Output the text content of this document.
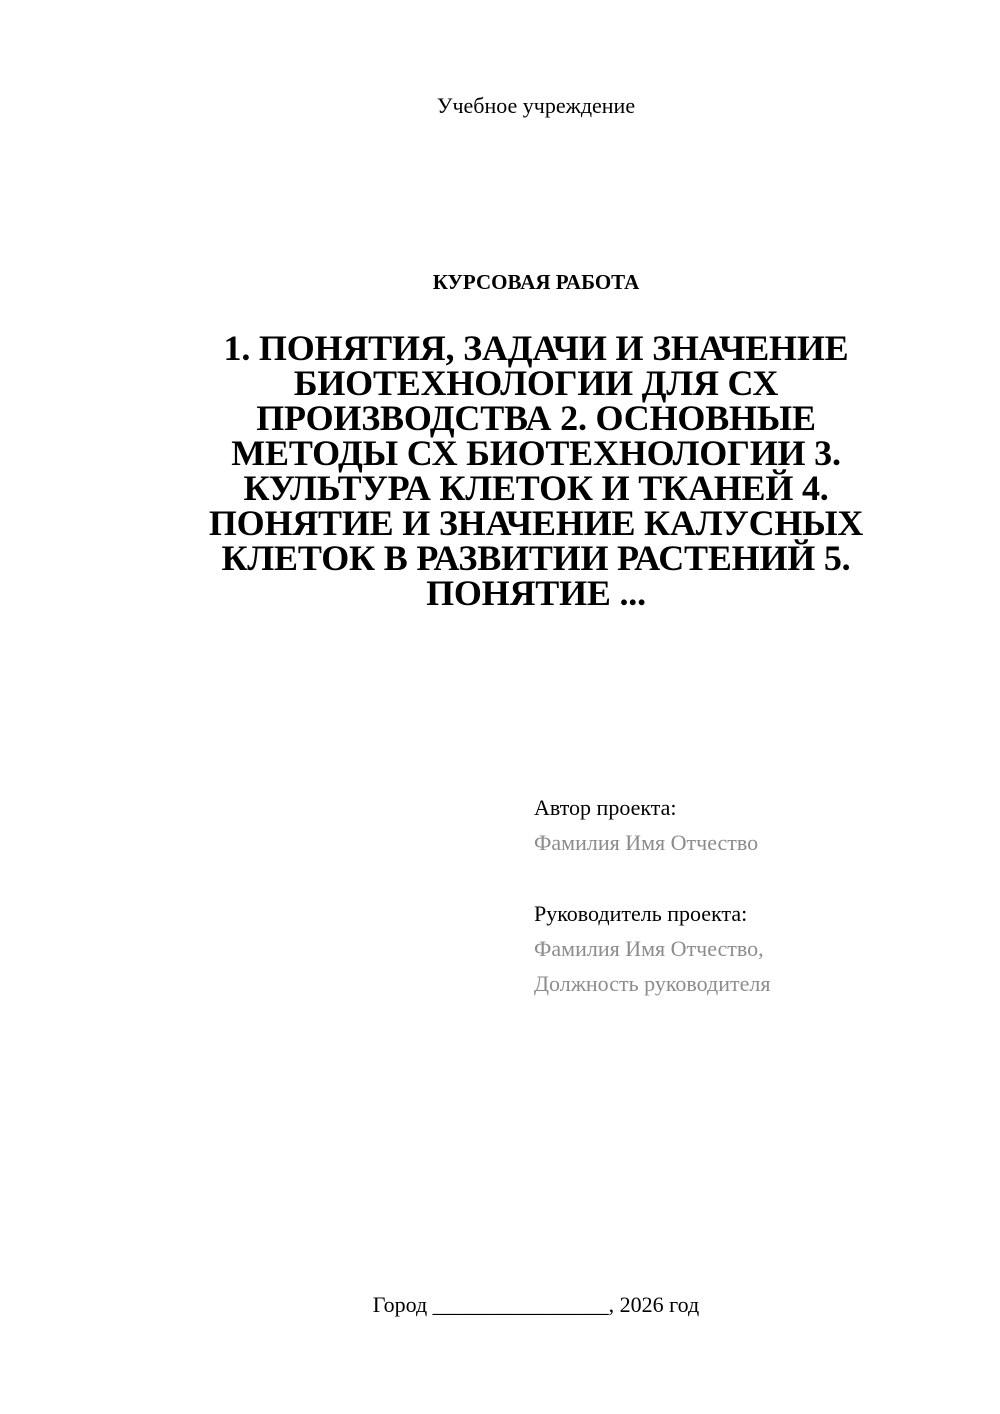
Учебное учреждение
КУРСОВАЯ РАБОТА
1. ПОНЯТИЯ, ЗАДАЧИ И ЗНАЧЕНИЕ БИОТЕХНОЛОГИИ ДЛЯ СХ ПРОИЗВОДСТВА 2. ОСНОВНЫЕ МЕТОДЫ СХ БИОТЕХНОЛОГИИ 3. КУЛЬТУРА КЛЕТОК И ТКАНЕЙ 4. ПОНЯТИЕ И ЗНАЧЕНИЕ КАЛУСНЫХ КЛЕТОК В РАЗВИТИИ РАСТЕНИЙ 5. ПОНЯТИЕ ...
Автор проекта:
Фамилия Имя Отчество
Руководитель проекта:
Фамилия Имя Отчество,
Должность руководителя
Город ________________, 2026 год
